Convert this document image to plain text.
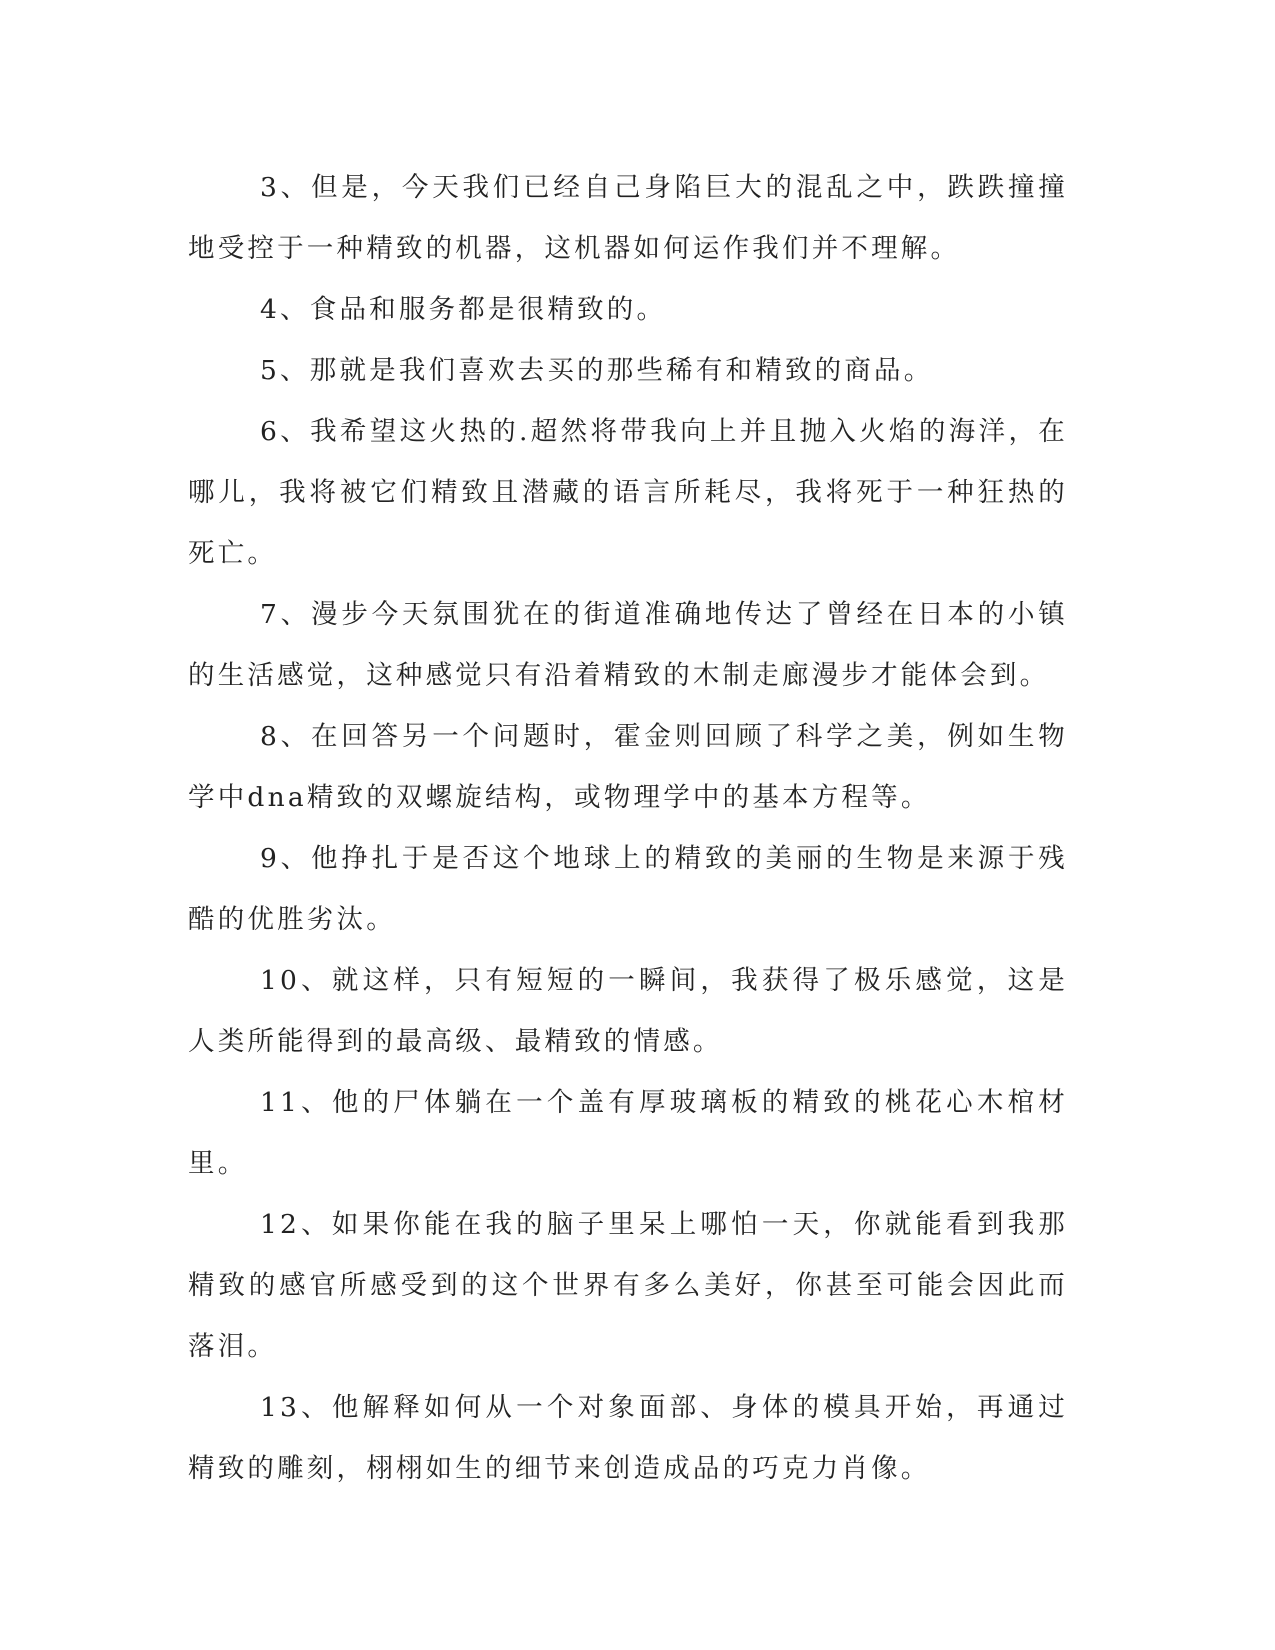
3、但是，今天我们已经自己身陷巨大的混乱之中，跌跌撞撞地受控于一种精致的机器，这机器如何运作我们并不理解。

4、食品和服务都是很精致的。

5、那就是我们喜欢去买的那些稀有和精致的商品。

6、我希望这火热的.超然将带我向上并且抛入火焰的海洋，在哪儿，我将被它们精致且潜藏的语言所耗尽，我将死于一种狂热的死亡。

7、漫步今天氛围犹在的街道准确地传达了曾经在日本的小镇的生活感觉，这种感觉只有沿着精致的木制走廊漫步才能体会到。

8、在回答另一个问题时，霍金则回顾了科学之美，例如生物学中dna精致的双螺旋结构，或物理学中的基本方程等。

9、他挣扎于是否这个地球上的精致的美丽的生物是来源于残酷的优胜劣汰。

10、就这样，只有短短的一瞬间，我获得了极乐感觉，这是人类所能得到的最高级、最精致的情感。

11、他的尸体躺在一个盖有厚玻璃板的精致的桃花心木棺材里。

12、如果你能在我的脑子里呆上哪怕一天，你就能看到我那精致的感官所感受到的这个世界有多么美好，你甚至可能会因此而落泪。

13、他解释如何从一个对象面部、身体的模具开始，再通过精致的雕刻，栩栩如生的细节来创造成品的巧克力肖像。
